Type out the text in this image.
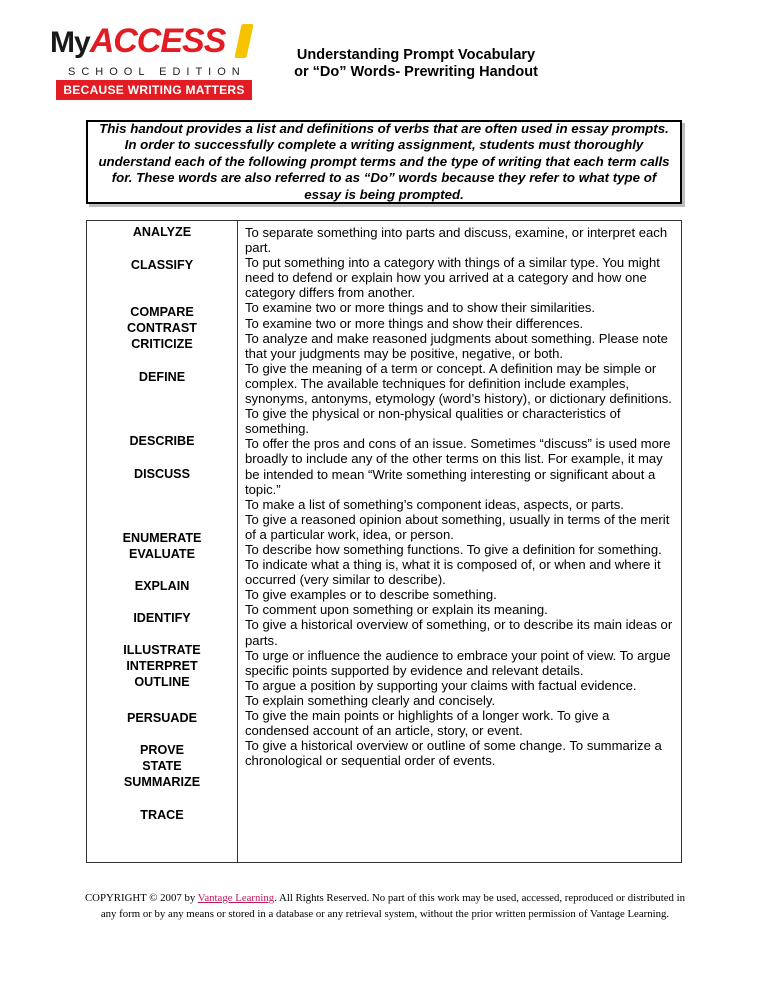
MyACCESS
SCHOOL EDITION
BECAUSE WRITING MATTERS
Understanding Prompt Vocabulary
or “Do” Words- Prewriting Handout

This handout provides a list and definitions of verbs that are often used in essay prompts. In order to successfully complete a writing assignment, students must thoroughly understand each of the following prompt terms and the type of writing that each term calls for. These words are also referred to as “Do” words because they refer to what type of essay is being prompted.

ANALYZE
CLASSIFY
COMPARE
CONTRAST
CRITICIZE
DEFINE
DESCRIBE
DISCUSS
ENUMERATE
EVALUATE
EXPLAIN
IDENTIFY
ILLUSTRATE
INTERPRET
OUTLINE
PERSUADE
PROVE
STATE
SUMMARIZE
TRACE
To separate something into parts and discuss, examine, or interpret each part.
To put something into a category with things of a similar type. You might need to defend or explain how you arrived at a category and how one category differs from another.
To examine two or more things and to show their similarities.
To examine two or more things and show their differences.
To analyze and make reasoned judgments about something. Please note that your judgments may be positive, negative, or both.
To give the meaning of a term or concept. A definition may be simple or complex. The available techniques for definition include examples, synonyms, antonyms, etymology (word’s history), or dictionary definitions.
To give the physical or non-physical qualities or characteristics of something.
To offer the pros and cons of an issue. Sometimes “discuss” is used more broadly to include any of the other terms on this list. For example, it may be intended to mean “Write something interesting or significant about a topic.”
To make a list of something’s component ideas, aspects, or parts.
To give a reasoned opinion about something, usually in terms of the merit of a particular work, idea, or person.
To describe how something functions. To give a definition for something.
To indicate what a thing is, what it is composed of, or when and where it occurred (very similar to describe).
To give examples or to describe something.
To comment upon something or explain its meaning.
To give a historical overview of something, or to describe its main ideas or parts.
To urge or influence the audience to embrace your point of view. To argue specific points supported by evidence and relevant details.
To argue a position by supporting your claims with factual evidence.
To explain something clearly and concisely.
To give the main points or highlights of a longer work. To give a condensed account of an article, story, or event.
To give a historical overview or outline of some change. To summarize a chronological or sequential order of events.
COPYRIGHT © 2007 by Vantage Learning. All Rights Reserved. No part of this work may be used, accessed, reproduced or distributed in any form or by any means or stored in a database or any retrieval system, without the prior written permission of Vantage Learning.
